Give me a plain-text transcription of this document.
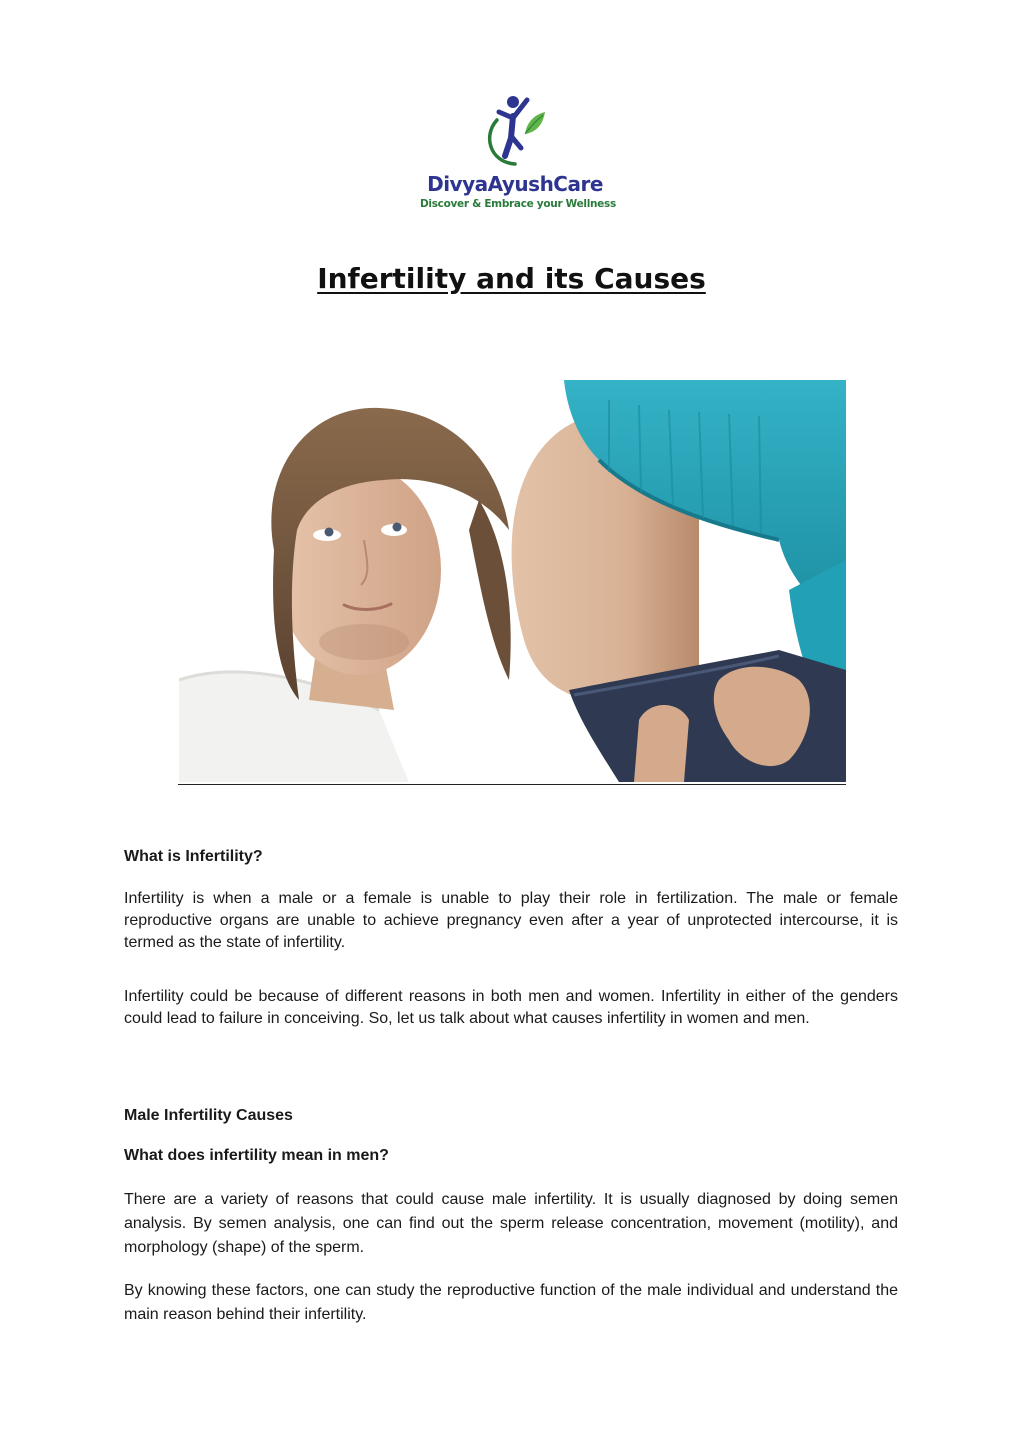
DivyaAyushCare
Discover & Embrace your Wellness
Infertility and its Causes

What is Infertility?

Infertility is when a male or a female is unable to play their role in fertilization. The male or female reproductive organs are unable to achieve pregnancy even after a year of unprotected intercourse, it is termed as the state of infertility.

Infertility could be because of different reasons in both men and women. Infertility in either of the genders could lead to failure in conceiving. So, let us talk about what causes infertility in women and men.

Male Infertility Causes

What does infertility mean in men?

There are a variety of reasons that could cause male infertility. It is usually diagnosed by doing semen analysis. By semen analysis, one can find out the sperm release concentration, movement (motility), and morphology (shape) of the sperm.

By knowing these factors, one can study the reproductive function of the male individual and understand the main reason behind their infertility.
